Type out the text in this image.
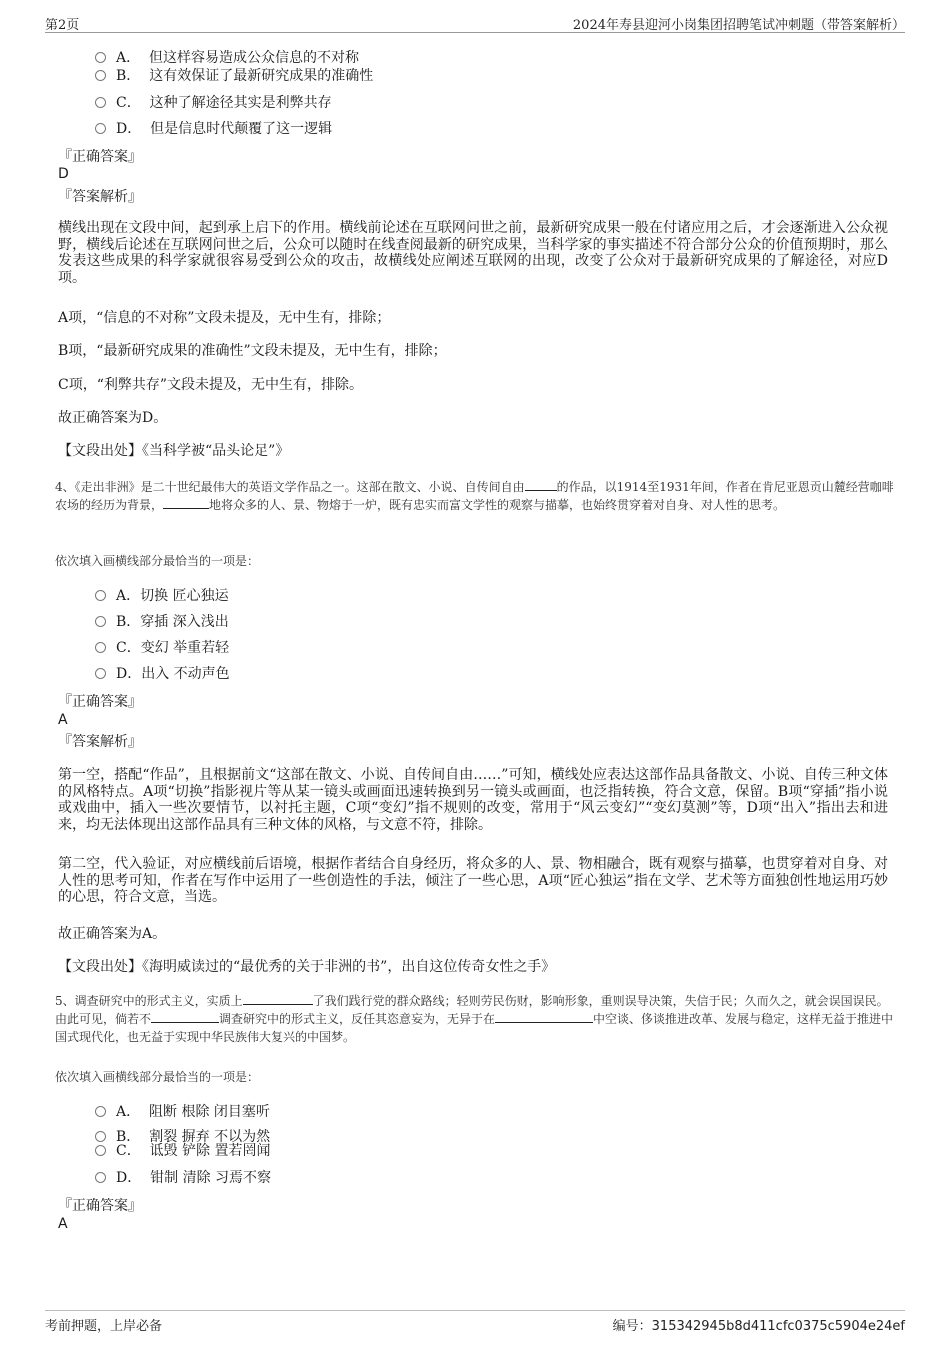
第2页	2024年寿县迎河小岗集团招聘笔试冲刺题（带答案解析）
A． 但这样容易造成公众信息的不对称
B． 这有效保证了最新研究成果的准确性
C． 这种了解途径其实是利弊共存
D． 但是信息时代颠覆了这一逻辑
『正确答案』
D
『答案解析』
横线出现在文段中间，起到承上启下的作用。横线前论述在互联网问世之前，最新研究成果一般在付诸应用之后，才会逐渐进入公众视野，横线后论述在互联网问世之后，公众可以随时在线查阅最新的研究成果，当科学家的事实描述不符合部分公众的价值预期时，那么发表这些成果的科学家就很容易受到公众的攻击，故横线处应阐述互联网的出现，改变了公众对于最新研究成果的了解途径，对应D项。
A项，“信息的不对称”文段未提及，无中生有，排除；
B项，“最新研究成果的准确性”文段未提及，无中生有，排除；
C项，“利弊共存”文段未提及，无中生有，排除。
故正确答案为D。
【文段出处】《当科学被“品头论足”》
4、《走出非洲》是二十世纪最伟大的英语文学作品之一。这部在散文、小说、自传间自由	的作品，以1914至1931年间，作者在肯尼亚恩贡山麓经营咖啡农场的经历为背景，	地将众多的人、景、物熔于一炉，既有忠实而富文学性的观察与描摹，也始终贯穿着对自身、对人性的思考。
依次填入画横线部分最恰当的一项是：
A．切换 匠心独运
B．穿插 深入浅出
C．变幻 举重若轻
D．出入 不动声色
『正确答案』
A
『答案解析』
第一空，搭配“作品”，且根据前文“这部在散文、小说、自传间自由……”可知，横线处应表达这部作品具备散文、小说、自传三种文体的风格特点。A项“切换”指影视片等从某一镜头或画面迅速转换到另一镜头或画面，也泛指转换，符合文意，保留。B项“穿插”指小说或戏曲中，插入一些次要情节，以衬托主题，C项“变幻”指不规则的改变，常用于“风云变幻”“变幻莫测”等，D项“出入”指出去和进来，均无法体现出这部作品具有三种文体的风格，与文意不符，排除。
第二空，代入验证，对应横线前后语境，根据作者结合自身经历，将众多的人、景、物相融合，既有观察与描摹，也贯穿着对自身、对人性的思考可知，作者在写作中运用了一些创造性的手法，倾注了一些心思，A项“匠心独运”指在文学、艺术等方面独创性地运用巧妙的心思，符合文意，当选。
故正确答案为A。
【文段出处】《海明威读过的“最优秀的关于非洲的书”，出自这位传奇女性之手》
5、调查研究中的形式主义，实质上	了我们践行党的群众路线；轻则劳民伤财，影响形象，重则误导决策，失信于民；久而久之，就会误国误民。由此可见，倘若不	调查研究中的形式主义，反任其恣意妄为，无异于在	中空谈、侈谈推进改革、发展与稳定，这样无益于推进中国式现代化，也无益于实现中华民族伟大复兴的中国梦。
依次填入画横线部分最恰当的一项是：
A． 阻断 根除 闭目塞听
B． 割裂 摒弃 不以为然
C． 诋毁 铲除 置若罔闻
D． 钳制 清除 习焉不察
『正确答案』
A
考前押题，上岸必备	编号：315342945b8d411cfc0375c5904e24ef
